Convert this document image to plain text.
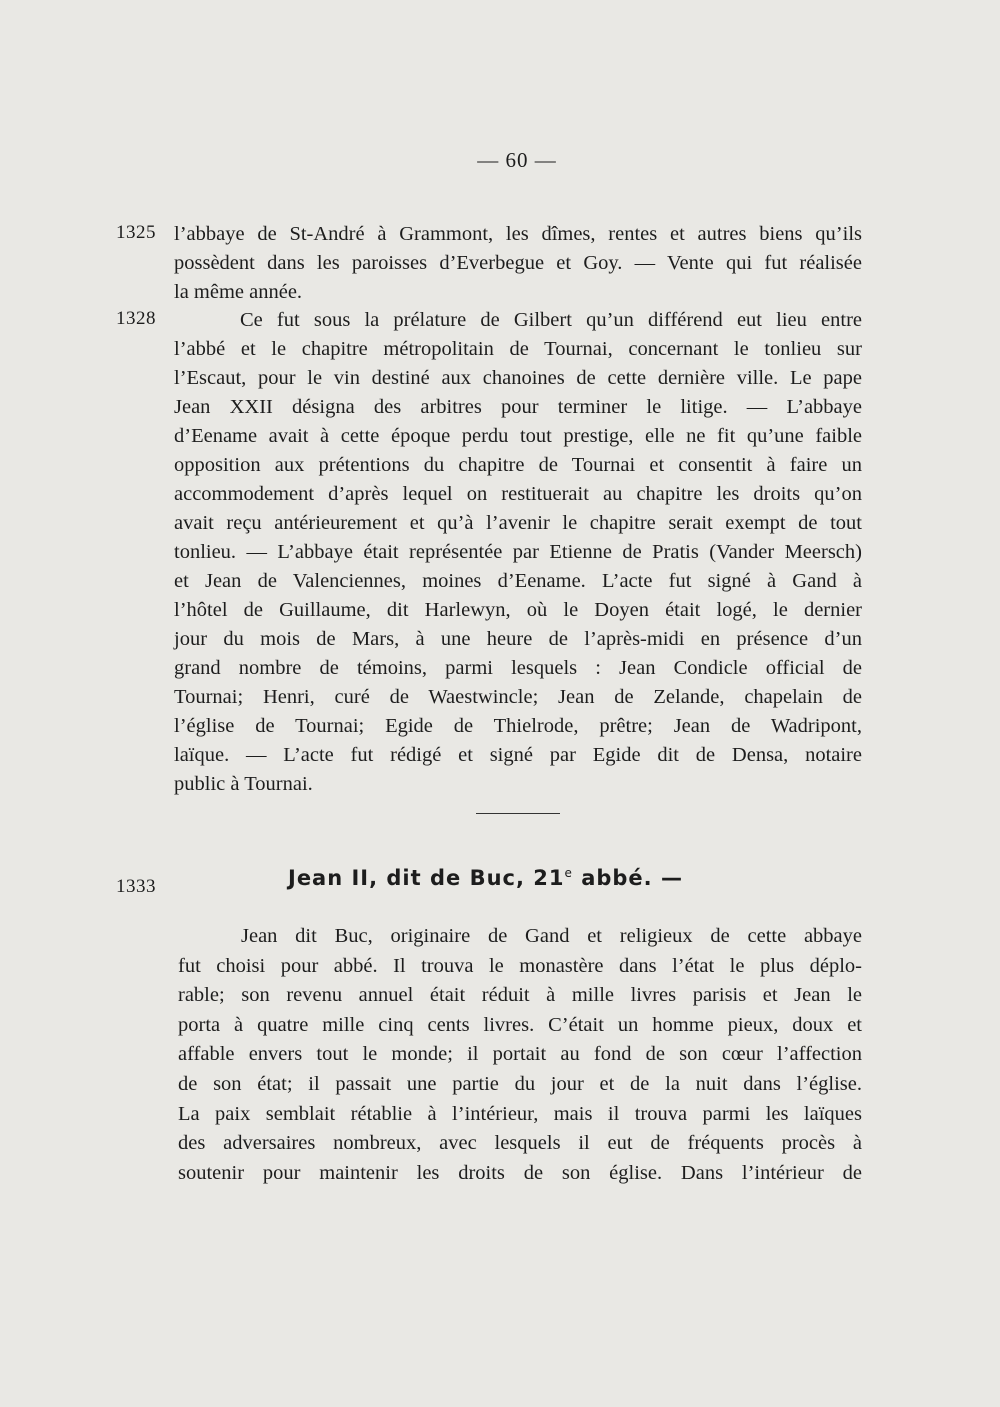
— 60 —
1325 l’abbaye de St-André à Grammont, les dîmes, rentes et autres biens qu’ils
possèdent dans les paroisses d’Everbegue et Goy. — Vente qui fut réalisée
la même année.
1328	Ce fut sous la prélature de Gilbert qu’un différend eut lieu entre
l’abbé et le chapitre métropolitain de Tournai, concernant le tonlieu sur
l’Escaut, pour le vin destiné aux chanoines de cette dernière ville. Le pape
Jean XXII désigna des arbitres pour terminer le litige. — L’abbaye
d’Eename avait à cette époque perdu tout prestige, elle ne fit qu’une faible
opposition aux prétentions du chapitre de Tournai et consentit à faire un
accommodement d’après lequel on restituerait au chapitre les droits qu’on
avait reçu antérieurement et qu’à l’avenir le chapitre serait exempt de tout
tonlieu. — L’abbaye était représentée par Etienne de Pratis (Vander Meersch)
et Jean de Valenciennes, moines d’Eename. L’acte fut signé à Gand à
l’hôtel de Guillaume, dit Harlewyn, où le Doyen était logé, le dernier
jour du mois de Mars, à une heure de l’après-midi en présence d’un
grand nombre de témoins, parmi lesquels : Jean Condicle official de
Tournai; Henri, curé de Waestwincle; Jean de Zelande, chapelain de
l’église de Tournai; Egide de Thielrode, prêtre; Jean de Wadripont,
laïque. — L’acte fut rédigé et signé par Egide dit de Densa, notaire
public à Tournai.
1333	Jean II, dit de Buc, 21e abbé. —
Jean dit Buc, originaire de Gand et religieux de cette abbaye
fut choisi pour abbé. Il trouva le monastère dans l’état le plus déplo-
rable; son revenu annuel était réduit à mille livres parisis et Jean le
porta à quatre mille cinq cents livres. C’était un homme pieux, doux et
affable envers tout le monde; il portait au fond de son cœur l’affection
de son état; il passait une partie du jour et de la nuit dans l’église.
La paix semblait rétablie à l’intérieur, mais il trouva parmi les laïques
des adversaires nombreux, avec lesquels il eut de fréquents procès à
soutenir pour maintenir les droits de son église. Dans l’intérieur de
